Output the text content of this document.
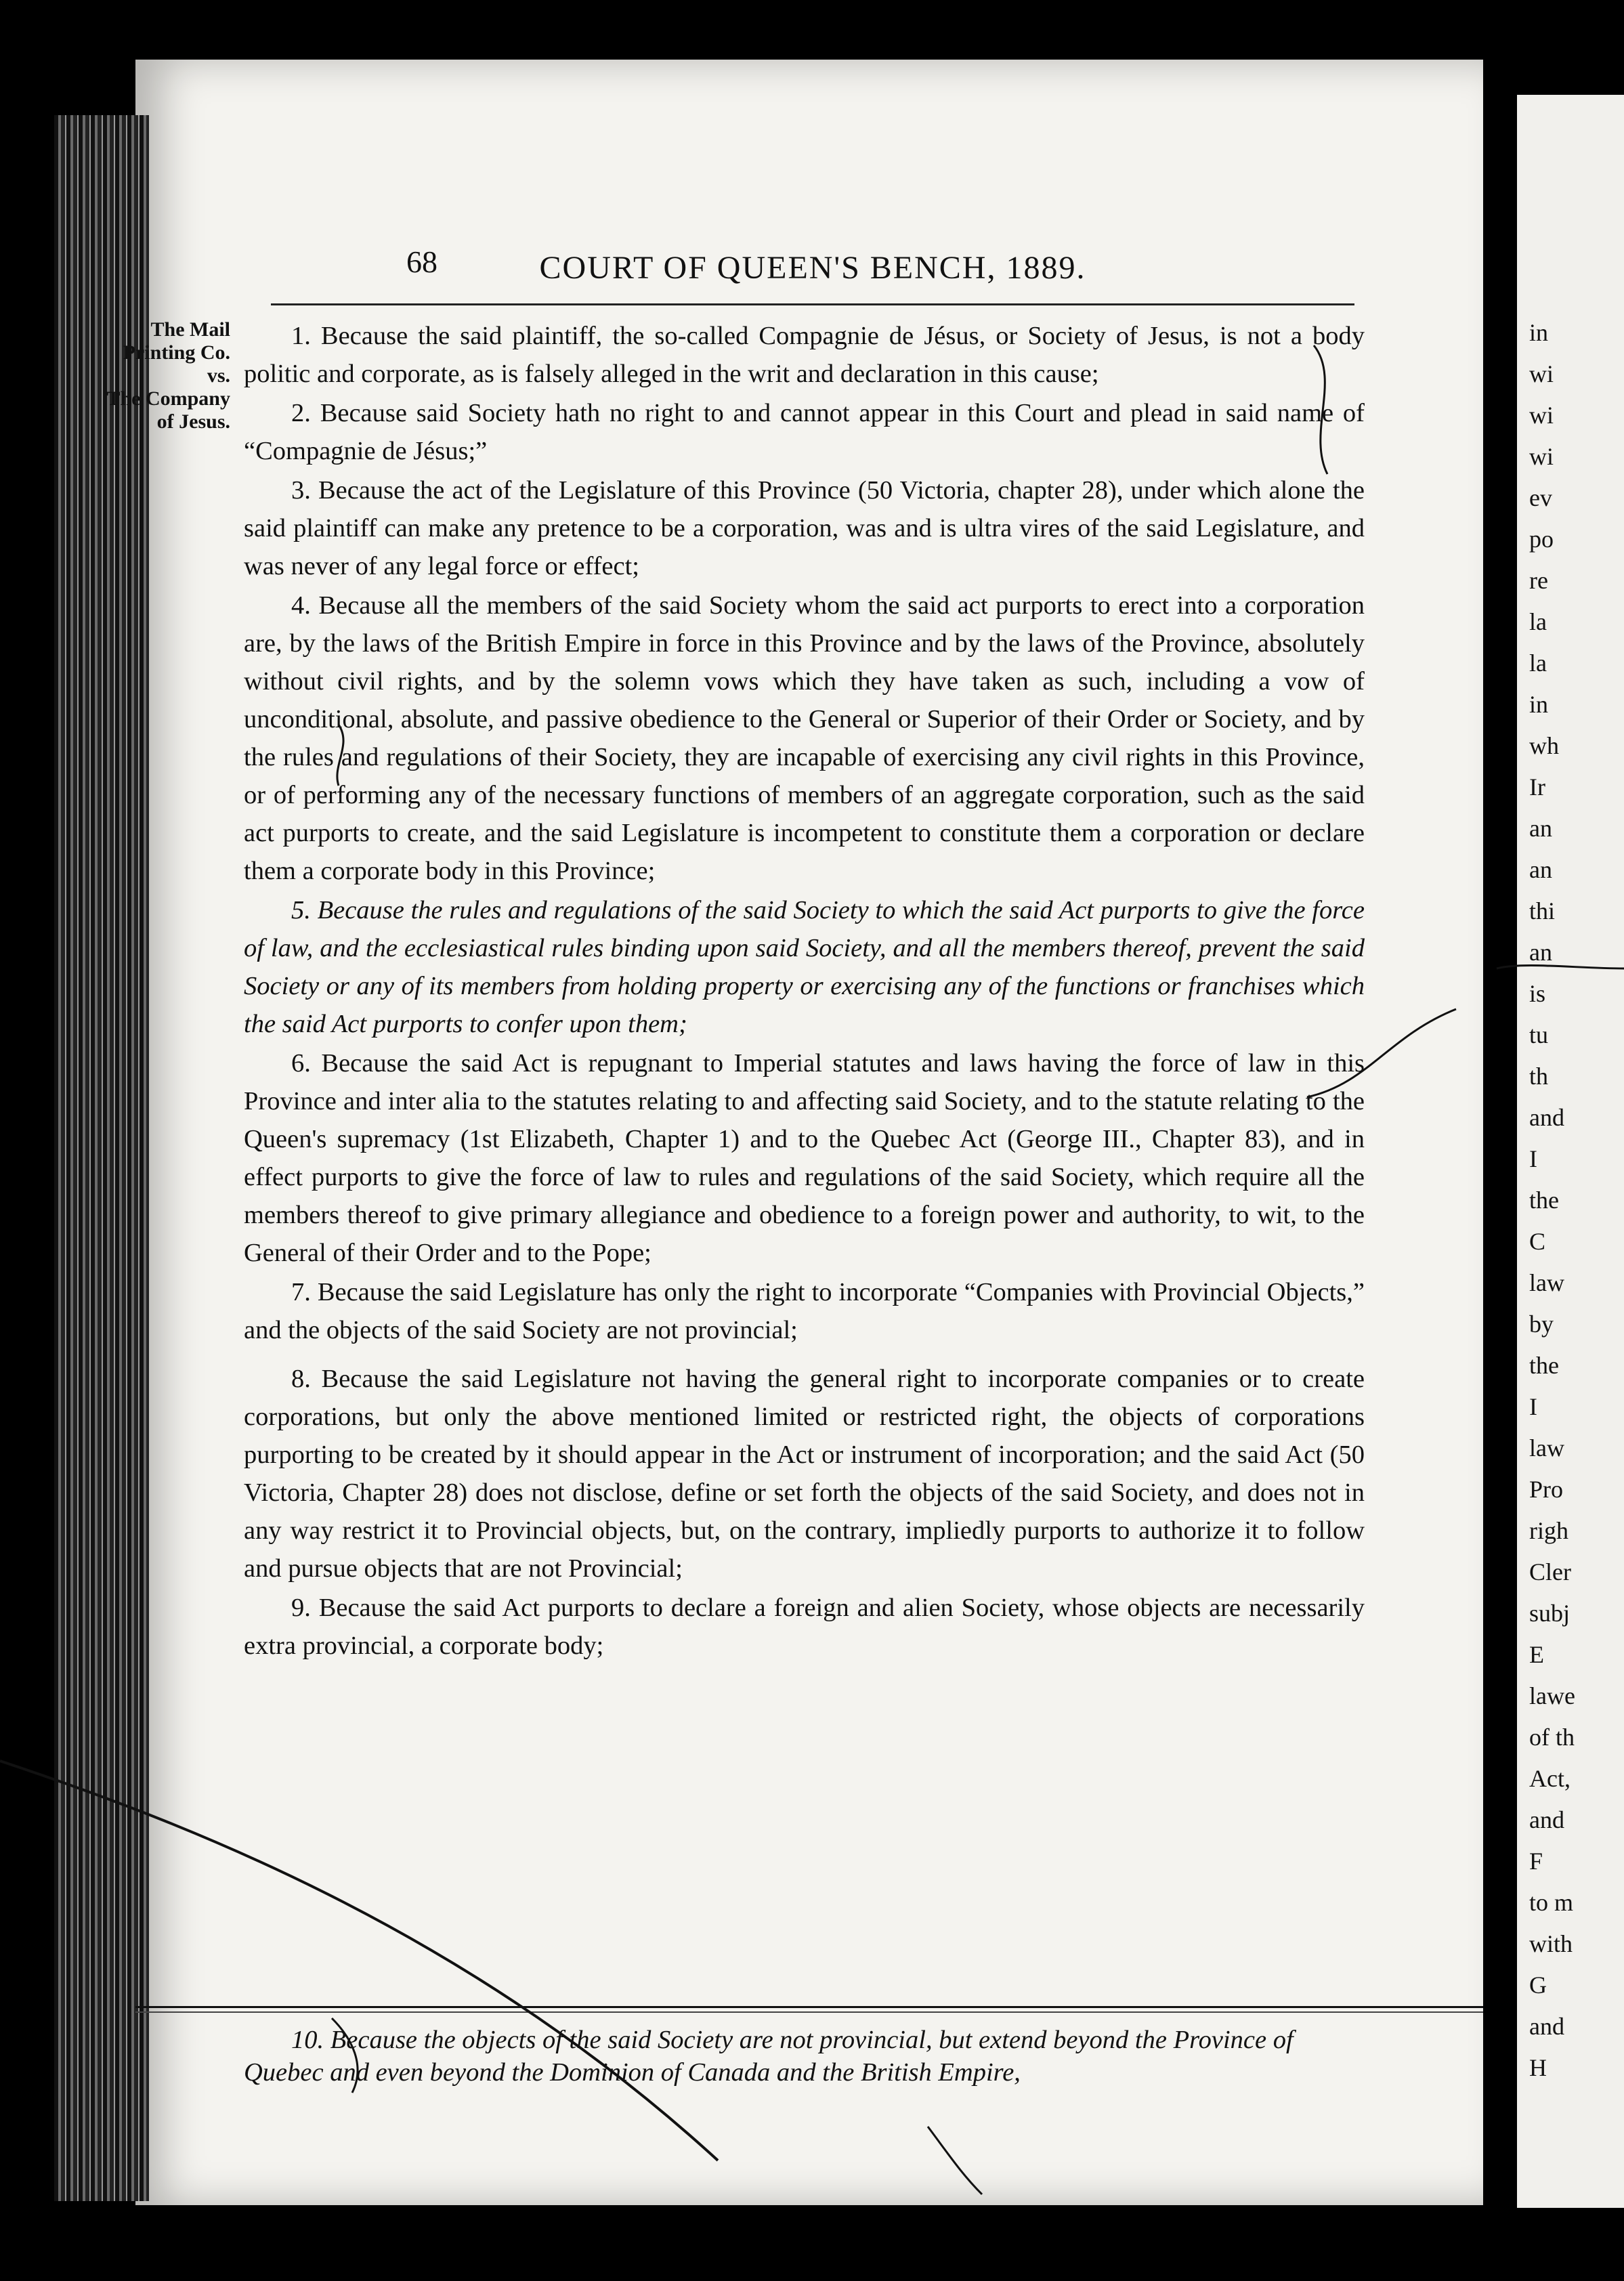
in
wi
wi
wi
ev
po
re
la
la
in
wh
Ir
an
an
thi
an
is
tu
th
and
I
the
C
law
by
the
I
law
Pro
righ
Cler
subj
E
lawe
of th
Act,
and
F
to m
with
G
and
H
68	COURT OF QUEEN'S BENCH, 1889.
The Mail
Printing Co.
vs.
The Company
of Jesus.

1. Because the said plaintiff, the so-called Compagnie de Jésus, or Society of Jesus, is not a body politic and corporate, as is falsely alleged in the writ and declaration in this cause;

2. Because said Society hath no right to and cannot appear in this Court and plead in said name of “Compagnie de Jésus;”

3. Because the act of the Legislature of this Province (50 Victoria, chapter 28), under which alone the said plaintiff can make any pretence to be a corporation, was and is ultra vires of the said Legislature, and was never of any legal force or effect;

4. Because all the members of the said Society whom the said act purports to erect into a corporation are, by the laws of the British Empire in force in this Province and by the laws of the Province, absolutely without civil rights, and by the solemn vows which they have taken as such, including a vow of unconditional, absolute, and passive obedience to the General or Superior of their Order or Society, and by the rules and regulations of their Society, they are incapable of exercising any civil rights in this Province, or of performing any of the necessary functions of members of an aggregate corporation, such as the said act purports to create, and the said Legislature is incompetent to constitute them a corporation or declare them a corporate body in this Province;

5. Because the rules and regulations of the said Society to which the said Act purports to give the force of law, and the ecclesiastical rules binding upon said Society, and all the members thereof, prevent the said Society or any of its members from holding property or exercising any of the functions or franchises which the said Act purports to confer upon them;

6. Because the said Act is repugnant to Imperial statutes and laws having the force of law in this Province and inter alia to the statutes relating to and affecting said Society, and to the statute relating to the Queen's supremacy (1st Elizabeth, Chapter 1) and to the Quebec Act (George III., Chapter 83), and in effect purports to give the force of law to rules and regulations of the said Society, which require all the members thereof to give primary allegiance and obedience to a foreign power and authority, to wit, to the General of their Order and to the Pope;

7. Because the said Legislature has only the right to incorporate “Companies with Provincial Objects,” and the objects of the said Society are not provincial;

8. Because the said Legislature not having the general right to incorporate companies or to create corporations, but only the above mentioned limited or restricted right, the objects of corporations purporting to be created by it should appear in the Act or instrument of incorporation; and the said Act (50 Victoria, Chapter 28) does not disclose, define or set forth the objects of the said Society, and does not in any way restrict it to Provincial objects, but, on the contrary, impliedly purports to authorize it to follow and pursue objects that are not Provincial;

9. Because the said Act purports to declare a foreign and alien Society, whose objects are necessarily extra provincial, a corporate body;

10. Because the objects of the said Society are not provincial, but extend beyond the Province of Quebec and even beyond the Dominion of Canada and the British Empire,
